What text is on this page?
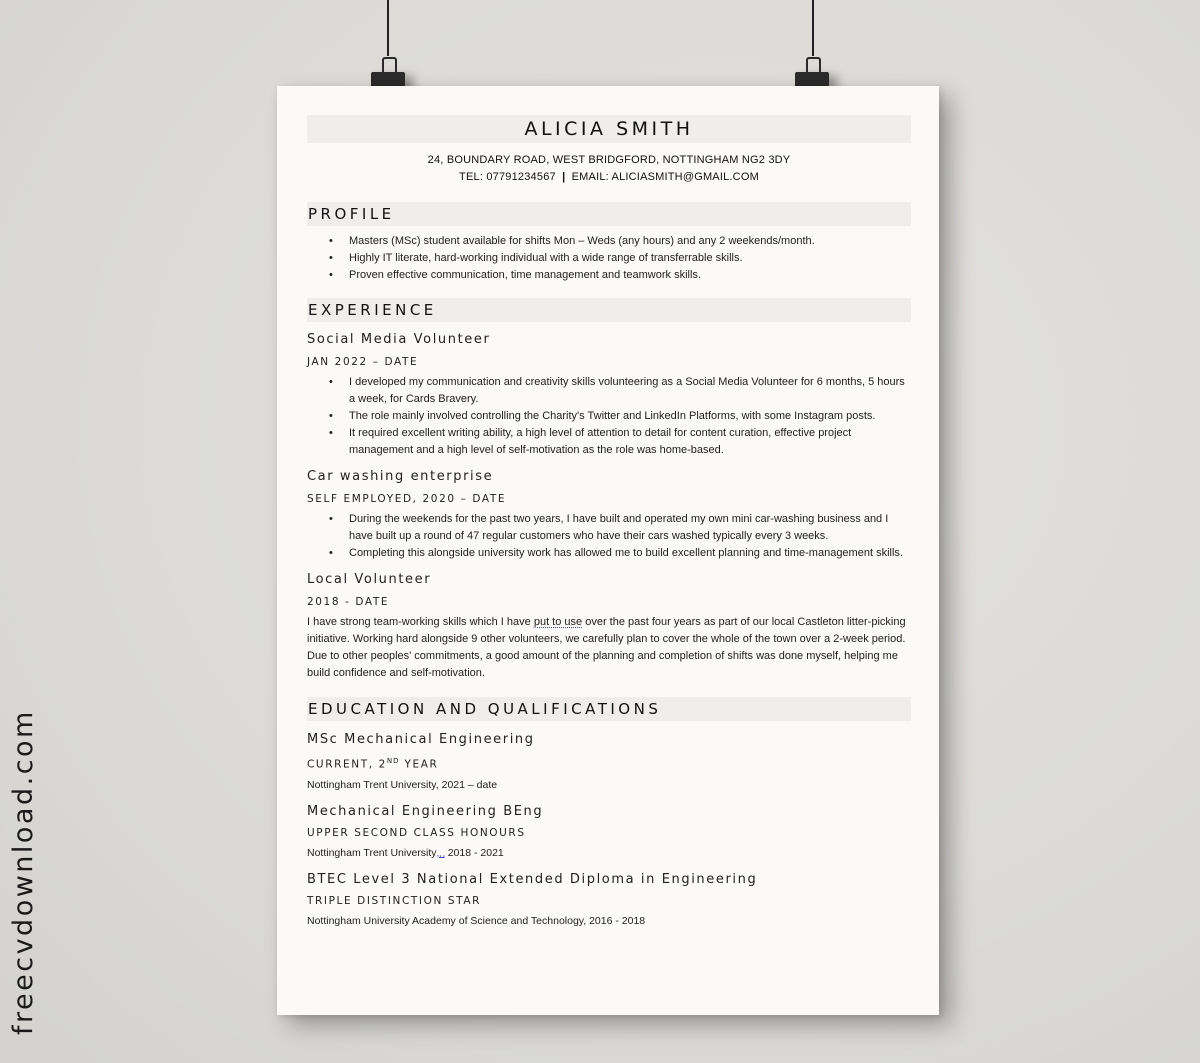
freecvdownload.com
ALICIA SMITH
24, BOUNDARY ROAD, WEST BRIDGFORD, NOTTINGHAM NG2 3DY
TEL: 07791234567 | EMAIL: ALICIASMITH@GMAIL.COM
PROFILE
• Masters (MSc) student available for shifts Mon – Weds (any hours) and any 2 weekends/month.
• Highly IT literate, hard-working individual with a wide range of transferrable skills.
• Proven effective communication, time management and teamwork skills.
EXPERIENCE
Social Media Volunteer
JAN 2022 – DATE
• I developed my communication and creativity skills volunteering as a Social Media Volunteer for 6 months, 5 hours a week, for Cards Bravery.
• The role mainly involved controlling the Charity's Twitter and LinkedIn Platforms, with some Instagram posts.
• It required excellent writing ability, a high level of attention to detail for content curation, effective project management and a high level of self-motivation as the role was home-based.
Car washing enterprise
SELF EMPLOYED, 2020 – DATE
• During the weekends for the past two years, I have built and operated my own mini car-washing business and I have built up a round of 47 regular customers who have their cars washed typically every 3 weeks.
• Completing this alongside university work has allowed me to build excellent planning and time-management skills.
Local Volunteer
2018 - DATE

I have strong team-working skills which I have put to use over the past four years as part of our local Castleton litter-picking initiative. Working hard alongside 9 other volunteers, we carefully plan to cover the whole of the town over a 2-week period. Due to other peoples' commitments, a good amount of the planning and completion of shifts was done myself, helping me build confidence and self-motivation.

EDUCATION AND QUALIFICATIONS
MSc Mechanical Engineering
CURRENT, 2ND YEAR
Nottingham Trent University, 2021 – date
Mechanical Engineering BEng
UPPER SECOND CLASS HONOURS
Nottingham Trent University,␣ 2018 - 2021
BTEC Level 3 National Extended Diploma in Engineering
TRIPLE DISTINCTION STAR
Nottingham University Academy of Science and Technology, 2016 - 2018
